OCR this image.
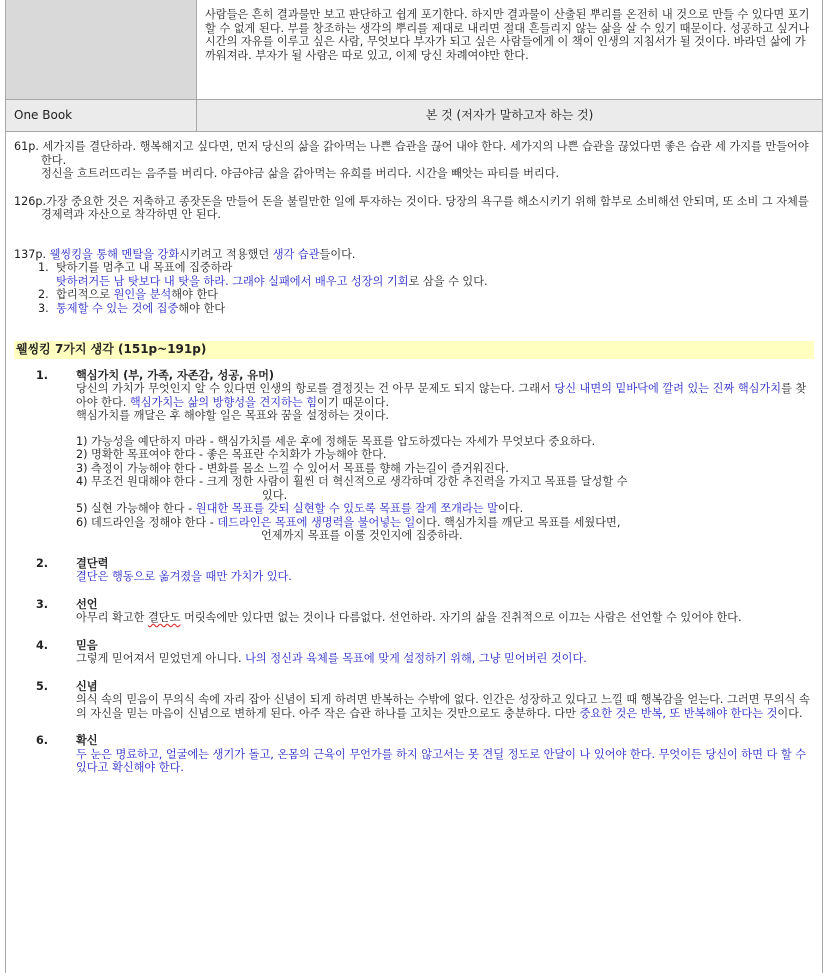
사람들은 흔히 결과물만 보고 판단하고 쉽게 포기한다. 하지만 결과물이 산출된 뿌리를 온전히 내 것으로 만들 수 있다면 포기할 수 없게 된다. 부를 창조하는 생각의 뿌리를 제대로 내리면 절대 흔들리지 않는 삶을 살 수 있기 때문이다. 성공하고 싶거나 시간의 자유를 이루고 싶은 사람, 무엇보다 부자가 되고 싶은 사람들에게 이 책이 인생의 지침서가 될 것이다. 바라던 삶에 가까워져라. 부자가 될 사람은 따로 있고, 이제 당신 차례여야만 한다.

One Book	본 것 (저자가 말하고자 하는 것)
61p. 세가지를 결단하라. 행복해지고 싶다면, 먼저 당신의 삶을 갉아먹는 나쁜 습관을 끊어 내야 한다. 세가지의 나쁜 습관을 끊었다면 좋은 습관 세 가지를 만들어야 한다.
정신을 흐트러뜨리는 음주를 버리다. 야금야금 삶을 갉아먹는 유희를 버리다. 시간을 빼앗는 파티를 버리다.
126p.가장 중요한 것은 저축하고 종잣돈을 만들어 돈을 불릴만한 일에 투자하는 것이다. 당장의 욕구를 해소시키기 위해 함부로 소비해선 안되며, 또 소비 그 자체를 경제력과 자산으로 착각하면 안 된다.
137p. 웰씽킹을 통해 멘탈을 강화시키려고 적용했던 생각 습관들이다.
1. 탓하기를 멈추고 내 목표에 집중하라
탓하려거든 남 탓보다 내 탓을 하라. 그래야 실패에서 배우고 성장의 기회로 삼을 수 있다.
2. 합리적으로 원인을 분석해야 한다
3. 통제할 수 있는 것에 집중해야 한다
웰씽킹 7가지 생각 (151p~191p)
1.	핵심가치 (부, 가족, 자존감, 성공, 유머)
당신의 가치가 무엇인지 알 수 있다면 인생의 항로를 결정짓는 건 아무 문제도 되지 않는다. 그래서 당신 내면의 밑바닥에 깔려 있는 진짜 핵심가치를 찾아야 한다. 핵심가치는 삶의 방향성을 견지하는 힘이기 때문이다.
핵심가치를 깨달은 후 해야할 일은 목표와 꿈을 설정하는 것이다.
1) 가능성을 예단하지 마라 - 핵심가치를 세운 후에 정해둔 목표를 압도하겠다는 자세가 무엇보다 중요하다.
2) 명확한 목표여야 한다 - 좋은 목표란 수치화가 가능해야 한다.
3) 측정이 가능해야 한다 - 변화를 몸소 느낄 수 있어서 목표를 향해 가는길이 즐거워진다.
4) 무조건 원대해야 한다 - 크게 정한 사람이 훨씬 더 혁신적으로 생각하며 강한 추진력을 가지고 목표를 달성할 수
있다.
5) 실현 가능해야 한다 - 원대한 목표를 갖되 실현할 수 있도록 목표를 잘게 쪼개라는 말이다.
6) 데드라인을 정해야 한다 - 데드라인은 목표에 생명력을 불어넣는 일이다. 핵심가치를 깨닫고 목표를 세웠다면,
언제까지 목표를 이룰 것인지에 집중하라.
2.	결단력
결단은 행동으로 옮겨졌을 때만 가치가 있다.
3.	선언
아무리 확고한 결단도 머릿속에만 있다면 없는 것이나 다름없다. 선언하라. 자기의 삶을 진취적으로 이끄는 사람은 선언할 수 있어야 한다.
4.	믿음
그렇게 믿어져서 믿었던게 아니다. 나의 정신과 육체를 목표에 맞게 설정하기 위해, 그냥 믿어버린 것이다.
5.	신념
의식 속의 믿음이 무의식 속에 자리 잡아 신념이 되게 하려면 반복하는 수밖에 없다. 인간은 성장하고 있다고 느낄 때 행복감을 얻는다. 그러면 무의식 속의 자신을 믿는 마음이 신념으로 변하게 된다. 아주 작은 습관 하나를 고치는 것만으로도 충분하다. 다만 중요한 것은 반복, 또 반복해야 한다는 것이다.
6.	확신
두 눈은 명료하고, 얼굴에는 생기가 돌고, 온몸의 근육이 무언가를 하지 않고서는 못 견딜 정도로 안달이 나 있어야 한다. 무엇이든 당신이 하면 다 할 수 있다고 확신해야 한다.
